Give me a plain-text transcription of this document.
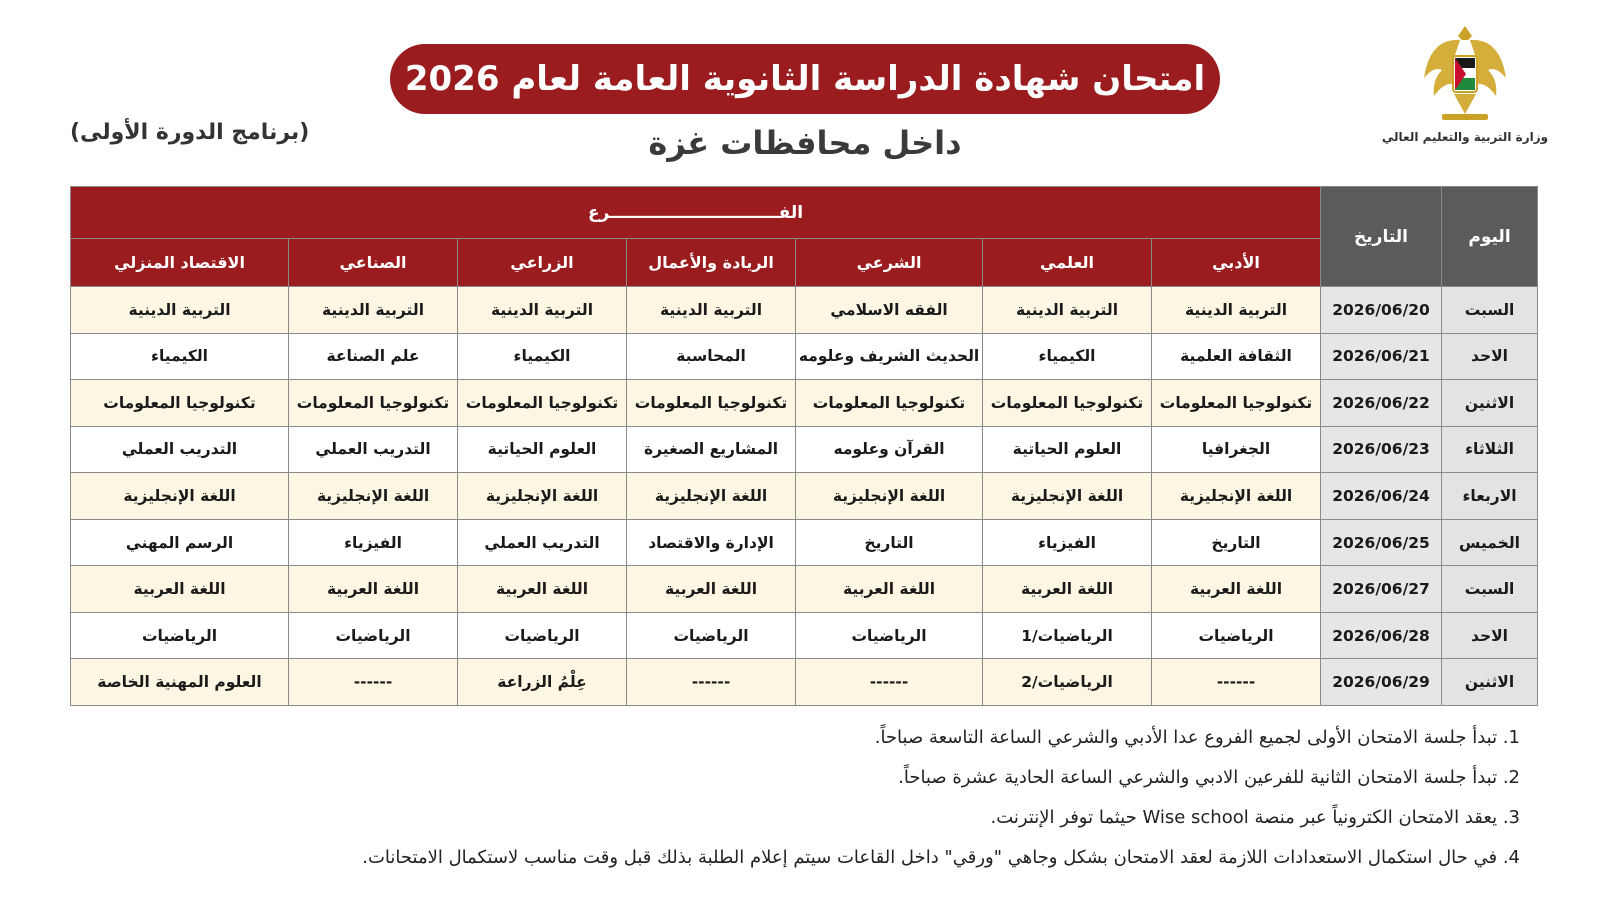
امتحان شهادة الدراسة الثانوية العامة لعام 2026
داخل محافظات غزة
(برنامج الدورة الأولى)	وزارة التربية والتعليم العالي
اليوم	التاريخ	الفـــــــــــــــــــــــــــــرع						
		الأدبي	العلمي	الشرعي	الريادة والأعمال	الزراعي	الصناعي	الاقتصاد المنزلي
السبت	2026/06/20	التربية الدينية	التربية الدينية	الفقه الاسلامي	التربية الدينية	التربية الدينية	التربية الدينية	التربية الدينية
الاحد	2026/06/21	الثقافة العلمية	الكيمياء	الحديث الشريف وعلومه	المحاسبة	الكيمياء	علم الصناعة	الكيمياء
الاثنين	2026/06/22	تكنولوجيا المعلومات	تكنولوجيا المعلومات	تكنولوجيا المعلومات	تكنولوجيا المعلومات	تكنولوجيا المعلومات	تكنولوجيا المعلومات	تكنولوجيا المعلومات
الثلاثاء	2026/06/23	الجغرافيا	العلوم الحياتية	القرآن وعلومه	المشاريع الصغيرة	العلوم الحياتية	التدريب العملي	التدريب العملي
الاربعاء	2026/06/24	اللغة الإنجليزية	اللغة الإنجليزية	اللغة الإنجليزية	اللغة الإنجليزية	اللغة الإنجليزية	اللغة الإنجليزية	اللغة الإنجليزية
الخميس	2026/06/25	التاريخ	الفيزياء	التاريخ	الإدارة والاقتصاد	التدريب العملي	الفيزياء	الرسم المهني
السبت	2026/06/27	اللغة العربية	اللغة العربية	اللغة العربية	اللغة العربية	اللغة العربية	اللغة العربية	اللغة العربية
الاحد	2026/06/28	الرياضيات	الرياضيات/1	الرياضيات	الرياضيات	الرياضيات	الرياضيات	الرياضيات
الاثنين	2026/06/29	------	الرياضيات/2	------	------	عِلْمُ الزراعة	------	العلوم المهنية الخاصة
1. تبدأ جلسة الامتحان الأولى لجميع الفروع عدا الأدبي والشرعي الساعة التاسعة صباحاً.
2. تبدأ جلسة الامتحان الثانية للفرعين الادبي والشرعي الساعة الحادية عشرة صباحاً.
3. يعقد الامتحان الكترونياً عبر منصة Wise school حيثما توفر الإنترنت.
4. في حال استكمال الاستعدادات اللازمة لعقد الامتحان بشكل وجاهي "ورقي" داخل القاعات سيتم إعلام الطلبة بذلك قبل وقت مناسب لاستكمال الامتحانات.
